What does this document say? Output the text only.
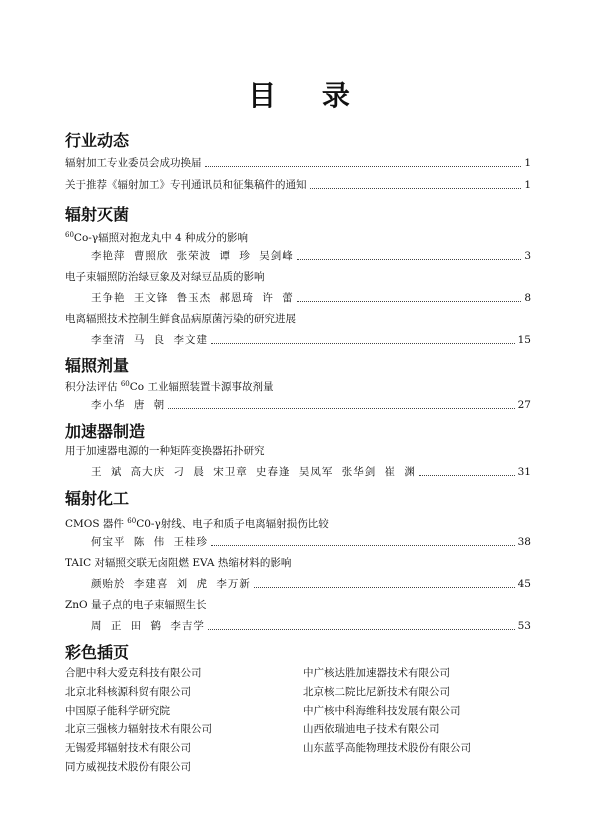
目 录
行业动态
辐射加工专业委员会成功换届	1
关于推荐《辐射加工》专刊通讯员和征集稿件的通知	1
辐射灭菌
$^{60}$Co-γ辐照对抱龙丸中 4 种成分的影响
李艳萍 曹照欣 张荣波 谭 珍 吴剑峰	3
电子束辐照防治绿豆象及对绿豆品质的影响
王争艳 王文锋 鲁玉杰 郝恩琦 许 蕾	8
电离辐照技术控制生鲜食品病原菌污染的研究进展
李奎清 马 良 李文建	15
辐照剂量
积分法评估 $^{60}$Co 工业辐照装置卡源事故剂量
李小华 唐 朝	27
加速器制造
用于加速器电源的一种矩阵变换器拓扑研究
王 斌 高大庆 刁 晨 宋卫章 史春逢 吴凤军 张华剑 崔 渊	31
辐射化工
CMOS 器件 $^{60}$C0-γ射线、电子和质子电离辐射损伤比较
何宝平 陈 伟 王桂珍	38
TAIC 对辐照交联无卤阻燃 EVA 热缩材料的影响
颜贻於 李建喜 刘 虎 李万新	45
ZnO 量子点的电子束辐照生长
周 正 田 鹤 李吉学	53
彩色插页
合肥中科大爱克科技有限公司
北京北科核源科贸有限公司
中国原子能科学研究院
北京三强核力辐射技术有限公司
无锡爱邦辐射技术有限公司
同方威视技术股份有限公司
中广核达胜加速器技术有限公司
北京核二院比尼新技术有限公司
中广核中科海维科技发展有限公司
山西依瑞迪电子技术有限公司
山东蓝孚高能物理技术股份有限公司
